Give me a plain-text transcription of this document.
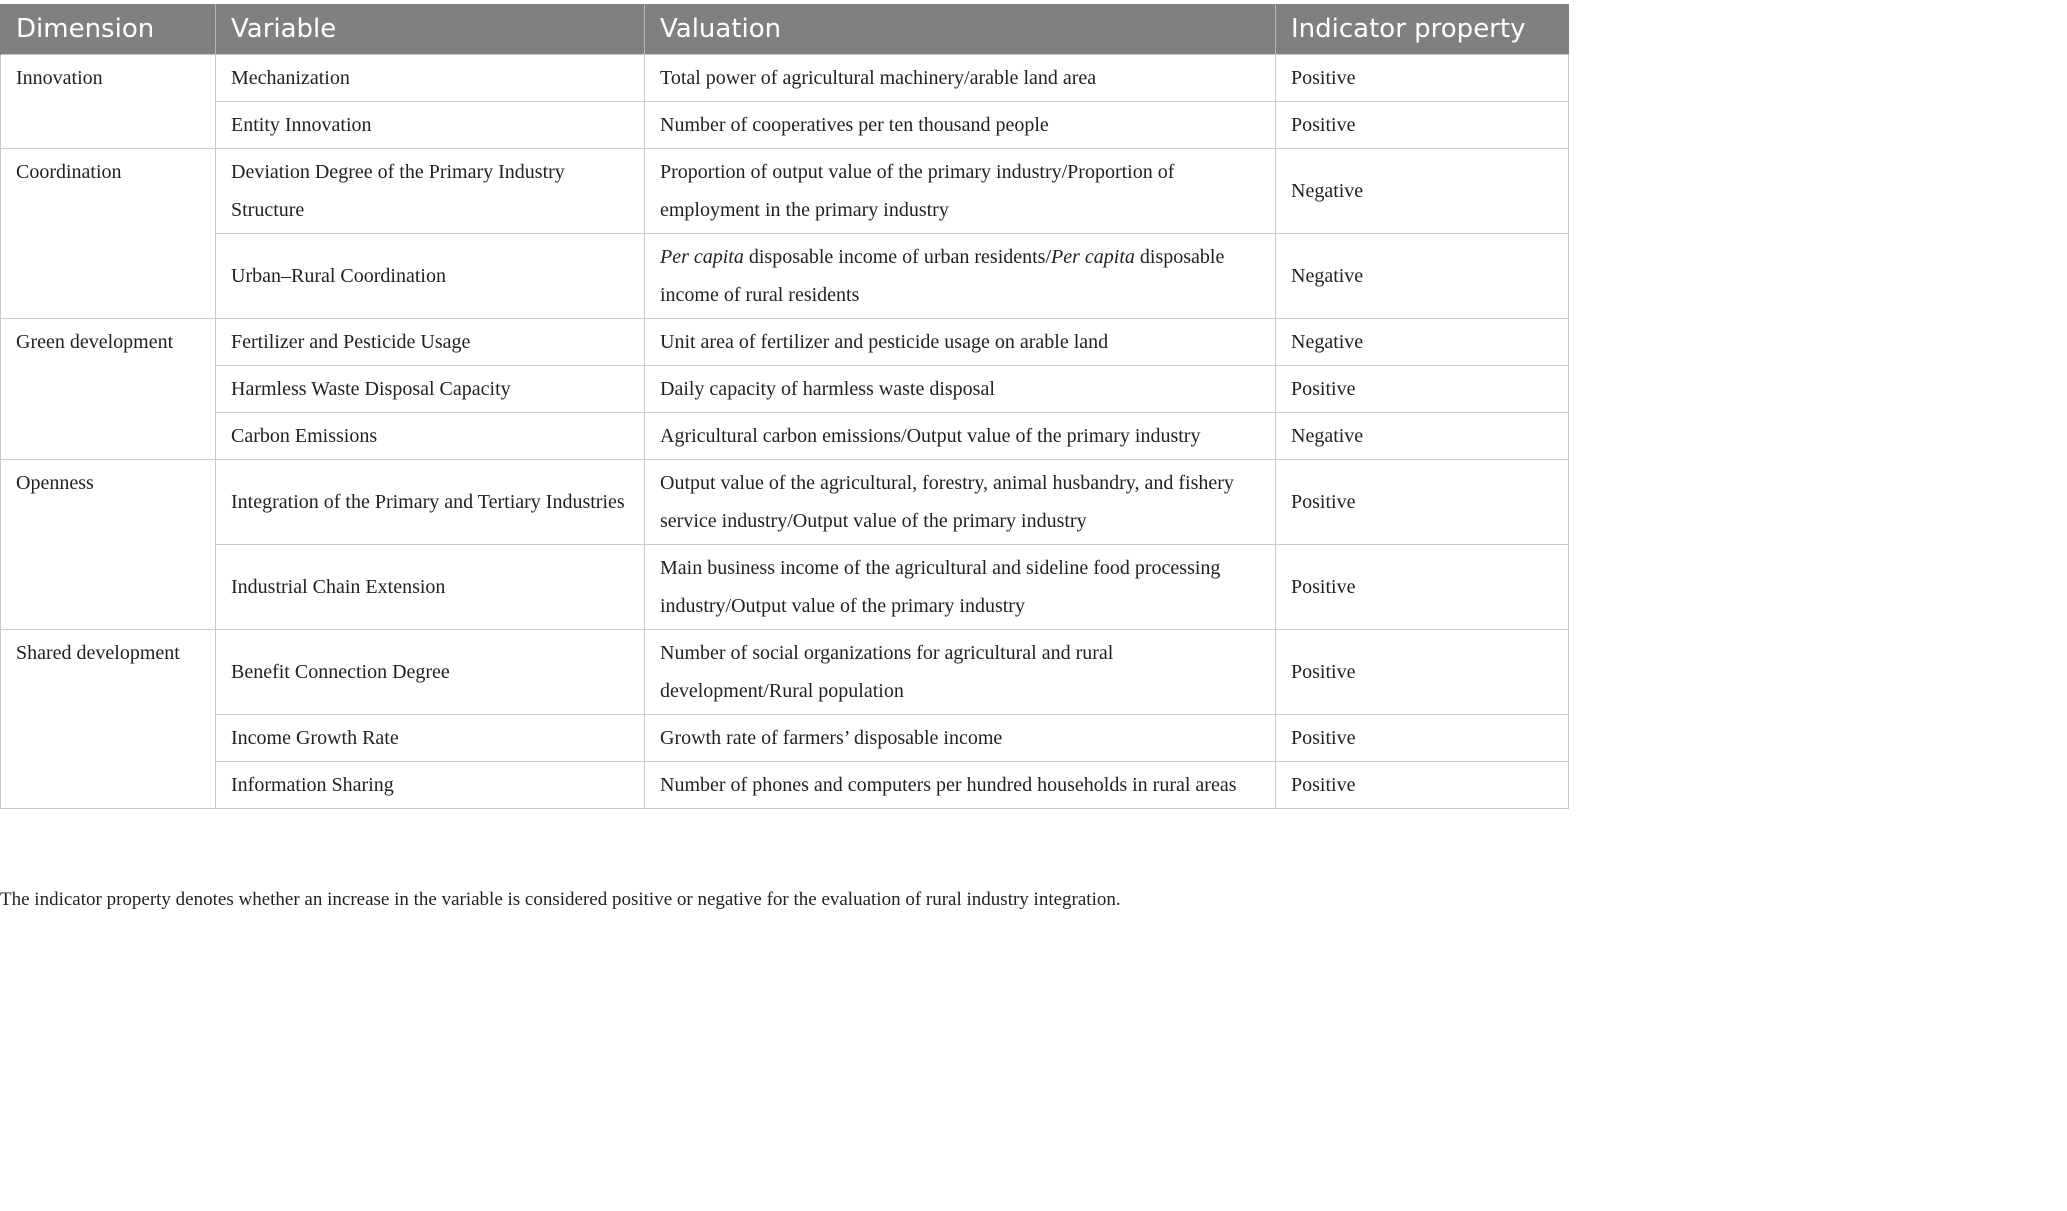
Dimension	Variable	Valuation	Indicator property
Innovation	Mechanization	Total power of agricultural machinery/arable land area	Positive
	Entity Innovation	Number of cooperatives per ten thousand people	Positive
Coordination	Deviation Degree of the Primary Industry Structure	Proportion of output value of the primary industry/Proportion of employment in the primary industry	Negative
	Urban–Rural Coordination	Per capita disposable income of urban residents/Per capita disposable income of rural residents	Negative
Green development	Fertilizer and Pesticide Usage	Unit area of fertilizer and pesticide usage on arable land	Negative
	Harmless Waste Disposal Capacity	Daily capacity of harmless waste disposal	Positive
	Carbon Emissions	Agricultural carbon emissions/Output value of the primary industry	Negative
Openness	Integration of the Primary and Tertiary Industries	Output value of the agricultural, forestry, animal husbandry, and fishery service industry/Output value of the primary industry	Positive
	Industrial Chain Extension	Main business income of the agricultural and sideline food processing industry/Output value of the primary industry	Positive
Shared development	Benefit Connection Degree	Number of social organizations for agricultural and rural development/Rural population	Positive
	Income Growth Rate	Growth rate of farmers’ disposable income	Positive
	Information Sharing	Number of phones and computers per hundred households in rural areas	Positive
The indicator property denotes whether an increase in the variable is considered positive or negative for the evaluation of rural industry integration.
